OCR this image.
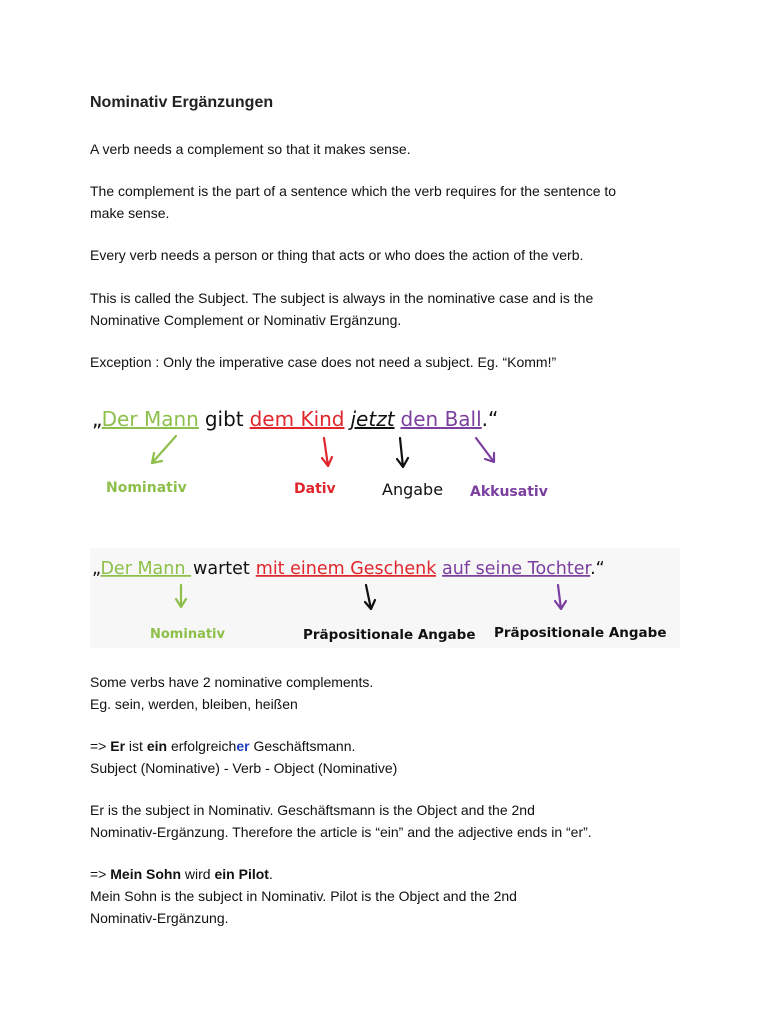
Nominativ Ergänzungen
A verb needs a complement so that it makes sense.
The complement is the part of a sentence which the verb requires for the sentence to
make sense.
Every verb needs a person or thing that acts or who does the action of the verb.
This is called the Subject. The subject is always in the nominative case and is the
Nominative Complement or Nominativ Ergänzung.
Exception : Only the imperative case does not need a subject. Eg. “Komm!”
Some verbs have 2 nominative complements.
Eg. sein, werden, bleiben, heißen
=> Er ist ein erfolgreicher Geschäftsmann.
Subject (Nominative) - Verb - Object (Nominative)
Er is the subject in Nominativ. Geschäftsmann is the Object and the 2nd
Nominativ-Ergänzung. Therefore the article is “ein” and the adjective ends in “er”.
=> Mein Sohn wird ein Pilot.
Mein Sohn is the subject in Nominativ. Pilot is the Object and the 2nd
Nominativ-Ergänzung.
„Der Mann gibt dem Kind jetzt den Ball.“
Nominativ	Dativ	Angabe Akkusativ
„Der Mann wartet mit einem Geschenk auf seine Tochter.“
Nominativ	Präpositionale Angabe Präpositionale Angabe
